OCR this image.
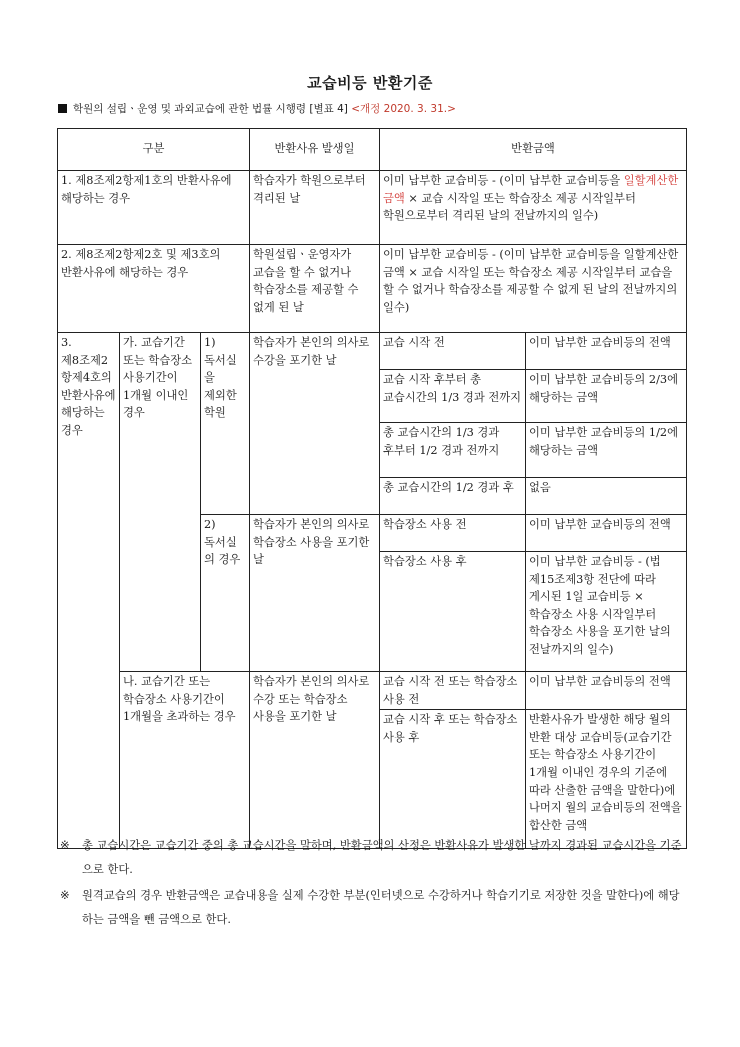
교습비등 반환기준
학원의 설립ㆍ운영 및 과외교습에 관한 법률 시행령 [별표 4] <개정 2020. 3. 31.>
구분			반환사유 발생일	반환금액	
1. 제8조제2항제1호의 반환사유에 해당하는 경우			학습자가 학원으로부터 격리된 날	이미 납부한 교습비등 - (이미 납부한 교습비등을 일할계산한 금액 × 교습 시작일 또는 학습장소 제공 시작일부터 학원으로부터 격리된 날의 전날까지의 일수)	
2. 제8조제2항제2호 및 제3호의 반환사유에 해당하는 경우			학원설립ㆍ운영자가 교습을 할 수 없거나 학습장소를 제공할 수 없게 된 날	이미 납부한 교습비등 - (이미 납부한 교습비등을 일할계산한 금액 × 교습 시작일 또는 학습장소 제공 시작일부터 교습을 할 수 없거나 학습장소를 제공할 수 없게 된 날의 전날까지의 일수)	
3. 제8조제2항제4호의 반환사유에 해당하는 경우	가. 교습기간 또는 학습장소 사용기간이 1개월 이내인 경우	1) 독서실을 제외한 학원	학습자가 본인의 의사로 수강을 포기한 날	교습 시작 전	이미 납부한 교습비등의 전액
				교습 시작 후부터 총 교습시간의 1/3 경과 전까지	이미 납부한 교습비등의 2/3에 해당하는 금액
				총 교습시간의 1/3 경과 후부터 1/2 경과 전까지	이미 납부한 교습비등의 1/2에 해당하는 금액
				총 교습시간의 1/2 경과 후	없음
		2) 독서실의 경우	학습자가 본인의 의사로 학습장소 사용을 포기한 날	학습장소 사용 전	이미 납부한 교습비등의 전액
				학습장소 사용 후	이미 납부한 교습비등 - (법 제15조제3항 전단에 따라 게시된 1일 교습비등 × 학습장소 사용 시작일부터 학습장소 사용을 포기한 날의 전날까지의 일수)
	나. 교습기간 또는 학습장소 사용기간이 1개월을 초과하는 경우		학습자가 본인의 의사로 수강 또는 학습장소 사용을 포기한 날	교습 시작 전 또는 학습장소 사용 전	이미 납부한 교습비등의 전액
				교습 시작 후 또는 학습장소 사용 후	반환사유가 발생한 해당 월의 반환 대상 교습비등(교습기간 또는 학습장소 사용기간이 1개월 이내인 경우의 기준에 따라 산출한 금액을 말한다)에 나머지 월의 교습비등의 전액을 합산한 금액
※ 총 교습시간은 교습기간 중의 총 교습시간을 말하며, 반환금액의 산정은 반환사유가 발생한 날까지 경과된 교습시간을 기준으로 한다.
※ 원격교습의 경우 반환금액은 교습내용을 실제 수강한 부분(인터넷으로 수강하거나 학습기기로 저장한 것을 말한다)에 해당하는 금액을 뺀 금액으로 한다.
